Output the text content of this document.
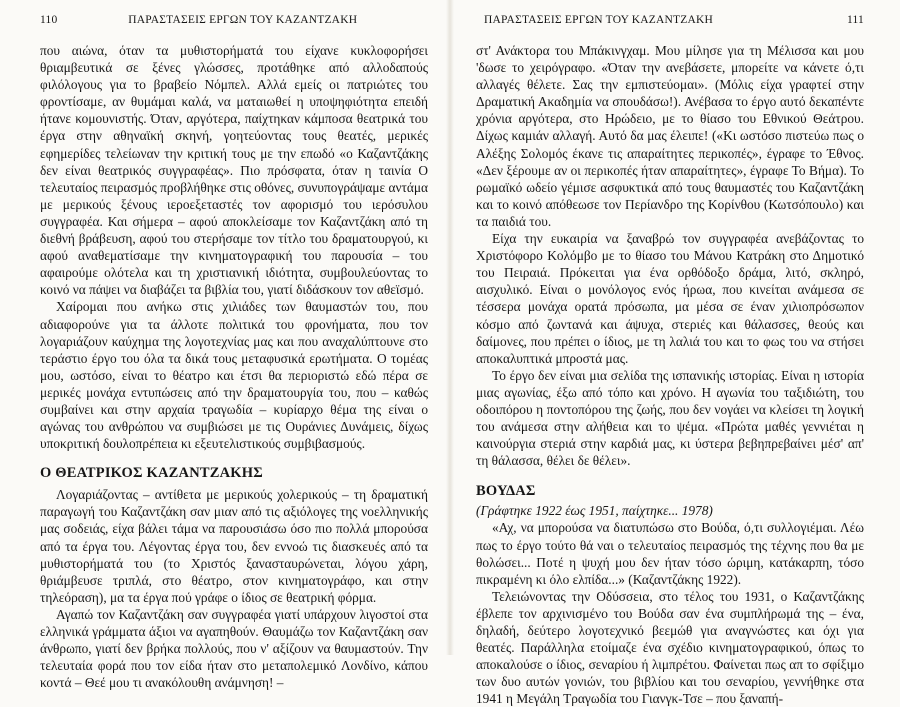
110	ΠΑΡΑΣΤΑΣΕΙΣ ΕΡΓΩΝ ΤΟΥ ΚΑΖΑΝΤΖΑΚΗ

που αιώνα, όταν τα μυθιστορήματά του είχανε κυκλοφορήσει θριαμβευτικά σε ξένες γλώσσες, προτάθηκε από αλλοδαπούς φιλόλογους για το βραβείο Νόμπελ. Αλλά εμείς οι πατριώτες του φροντίσαμε, αν θυμάμαι καλά, να ματαιωθεί η υποψηφιότητα επειδή ήτανε κομουνιστής. Όταν, αργότερα, παίχτηκαν κάμποσα θεατρικά του έργα στην αθηναϊκή σκηνή, γοητεύοντας τους θεατές, μερικές εφημερίδες τελείωναν την κριτική τους με την επωδό «ο Καζαντζάκης δεν είναι θεατρικός συγγραφέας». Πιο πρόσφατα, όταν η ταινία Ο τελευταίος πειρασμός προβλήθηκε στις οθόνες, συνυπογράψαμε αντάμα με μερικούς ξένους ιεροεξεταστές τον αφορισμό του ιερόσυλου συγγραφέα. Και σήμερα – αφού αποκλείσαμε τον Καζαντζάκη από τη διεθνή βράβευση, αφού του στερήσαμε τον τίτλο του δραματουργού, κι αφού αναθεματίσαμε την κινηματογραφική του παρουσία – του αφαιρούμε ολότελα και τη χριστιανική ιδιότητα, συμβουλεύοντας το κοινό να πάψει να διαβάζει τα βιβλία του, γιατί διδάσκουν τον αθεϊσμό.

Χαίρομαι που ανήκω στις χιλιάδες των θαυμαστών του, που αδιαφορούνε για τα άλλοτε πολιτικά του φρονήματα, που τον λογαριάζουν καύχημα της λογοτεχνίας μας και που αναχαλύπτουνε στο τεράστιο έργο του όλα τα δικά τους μεταφυσικά ερωτήματα. Ο τομέας μου, ωστόσο, είναι το θέατρο και έτσι θα περιοριστώ εδώ πέρα σε μερικές μονάχα εντυπώσεις από την δραματουργία του, που – καθώς συμβαίνει και στην αρχαία τραγωδία – κυρίαρχο θέμα της είναι ο αγώνας του ανθρώπου να συμβιώσει με τις Ουράνιες Δυνάμεις, δίχως υποκριτική δουλοπρέπεια κι εξευτελιστικούς συμβιβασμούς.

Ο ΘΕΑΤΡΙΚΟΣ ΚΑΖΑΝΤΖΑΚΗΣ

Λογαριάζοντας – αντίθετα με μερικούς χολερικούς – τη δραματική παραγωγή του Καζαντζάκη σαν μιαν από τις αξιόλογες της νοελληνικής μας σοδειάς, είχα βάλει τάμα να παρουσιάσω όσο πιο πολλά μπορούσα από τα έργα του. Λέγοντας έργα του, δεν εννοώ τις διασκευές από τα μυθιστορήματά του (το Χριστός ξανασταυρώνεται, λόγου χάρη, θριάμβευσε τριπλά, στο θέατρο, στον κινηματογράφο, και στην τηλεόραση), μα τα έργα πού γράφε ο ίδιος σε θεατρική φόρμα.

Αγαπώ τον Καζαντζάκη σαν συγγραφέα γιατί υπάρχουν λιγοστοί στα ελληνικά γράμματα άξιοι να αγαπηθούν. Θαυμάζω τον Καζαντζάκη σαν άνθρωπο, γιατί δεν βρήκα πολλούς, που ν' αξίζουν να θαυμαστούν. Την τελευταία φορά που τον είδα ήταν στο μεταπολεμικό Λονδίνο, κάπου κοντά – Θεέ μου τι ανακόλουθη ανάμνηση! –

ΠΑΡΑΣΤΑΣΕΙΣ ΕΡΓΩΝ ΤΟΥ ΚΑΖΑΝΤΖΑΚΗ	111

στ' Ανάκτορα του Μπάκινγχαμ. Μου μίλησε για τη Μέλισσα και μου 'δωσε το χειρόγραφο. «Όταν την ανεβάσετε, μπορείτε να κάνετε ό,τι αλλαγές θέλετε. Σας την εμπιστεύομαι». (Μόλις είχα γραφτεί στην Δραματική Ακαδημία να σπουδάσω!). Ανέβασα το έργο αυτό δεκαπέντε χρόνια αργότερα, στο Ηρώδειο, με το θίασο του Εθνικού Θεάτρου. Δίχως καμιάν αλλαγή. Αυτό δα μας έλειπε! («Κι ωστόσο πιστεύω πως ο Αλέξης Σολομός έκανε τις απαραίτητες περικοπές», έγραφε το Έθνος. «Δεν ξέρουμε αν οι περικοπές ήταν απαραίτητες», έγραφε Το Βήμα). Το ρωμαϊκό ωδείο γέμισε ασφυκτικά από τους θαυμαστές του Καζαντζάκη και το κοινό απόθεωσε τον Περίανδρο της Κορίνθου (Κωτσόπουλο) και τα παιδιά του.

Είχα την ευκαιρία να ξαναβρώ τον συγγραφέα ανεβάζοντας το Χριστόφορο Κολόμβο με το θίασο του Μάνου Κατράκη στο Δημοτικό του Πειραιά. Πρόκειται για ένα ορθόδοξο δράμα, λιτό, σκληρό, αισχυλικό. Είναι ο μονόλογος ενός ήρωα, που κινείται ανάμεσα σε τέσσερα μονάχα ορατά πρόσωπα, μα μέσα σε έναν χιλιοπρόσωπον κόσμο από ζωντανά και άψυχα, στεριές και θάλασσες, θεούς και δαίμονες, που πρέπει ο ίδιος, με τη λαλιά του και το φως του να στήσει αποκαλυπτικά μπροστά μας.

Το έργο δεν είναι μια σελίδα της ισπανικής ιστορίας. Είναι η ιστορία μιας αγωνίας, έξω από τόπο και χρόνο. Η αγωνία του ταξιδιώτη, του οδοιπόρου η ποντοπόρου της ζωής, που δεν νογάει να κλείσει τη λογική του ανάμεσα στην αλήθεια και το ψέμα. «Πρώτα μαθές γεννιέται η καινούργια στεριά στην καρδιά μας, κι ύστερα βεβηπρεβαίνει μέσ' απ' τη θάλασσα, θέλει δε θέλει».

ΒΟΥΔΑΣ
(Γράφτηκε 1922 έως 1951, παίχτηκε... 1978)

«Αχ, να μπορούσα να διατυπώσω στο Βούδα, ό,τι συλλογιέμαι. Λέω πως το έργο τούτο θά ναι ο τελευταίος πειρασμός της τέχνης που θα με θολώσει... Ποτέ η ψυχή μου δεν ήταν τόσο ώριμη, κατάκαρπη, τόσο πικραμένη κι όλο ελπίδα...» (Καζαντζάκης 1922).

Τελειώνοντας την Οδύσσεια, στο τέλος του 1931, ο Καζαντζάκης έβλεπε τον αρχινισμένο του Βούδα σαν ένα συμπλήρωμά της – ένα, δηλαδή, δεύτερο λογοτεχνικό βεεμώθ για αναγνώστες και όχι για θεατές. Παράλληλα ετοίμαζε ένα σχέδιο κινηματογραφικού, όπως το αποκαλούσε ο ίδιος, σεναρίου ή λιμπρέτου. Φαίνεται πως απ το σφίξιμο των δυο αυτών γονιών, του βιβλίου και του σεναρίου, γεννήθηκε στα 1941 η Μεγάλη Τραγωδία του Γιανγκ-Τσε – που ξαναπή-
